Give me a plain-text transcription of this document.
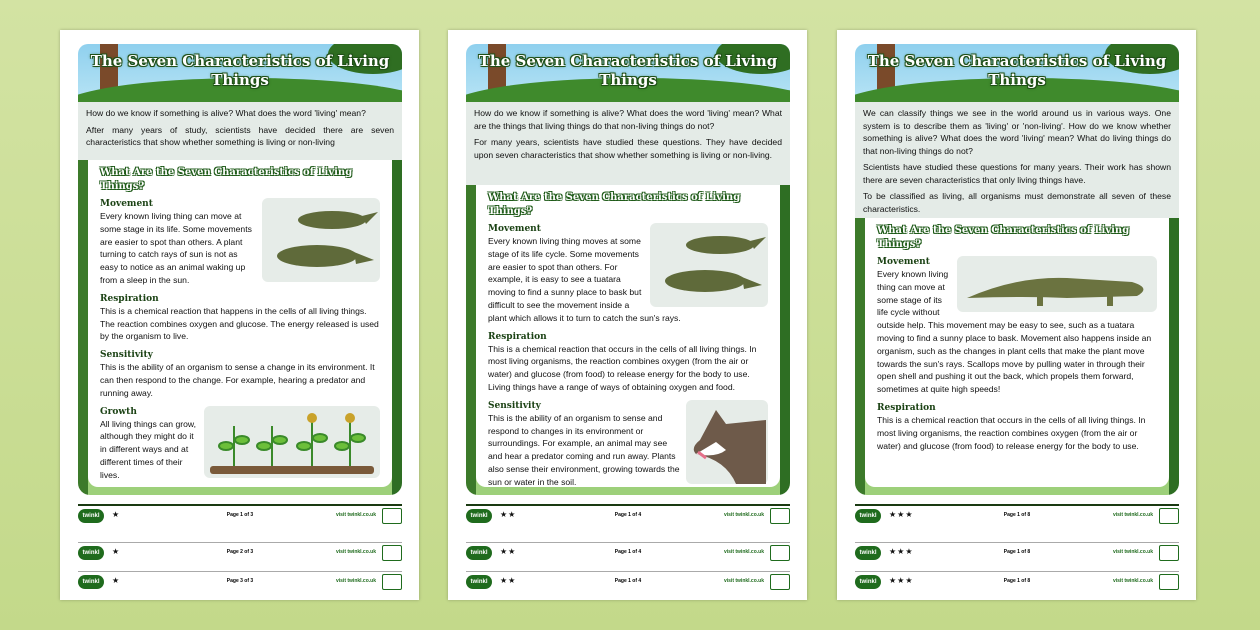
The Seven Characteristics of Living Things

How do we know if something is alive? What does the word 'living' mean?

After many years of study, scientists have decided there are seven characteristics that show whether something is living or non-living

What Are the Seven Characteristics of Living Things?
Movement

Every known living thing can move at some stage in its life. Some movements are easier to spot than others. A plant turning to catch rays of sun is not as easy to notice as an animal waking up from a sleep in the sun.

Respiration

This is a chemical reaction that happens in the cells of all living things. The reaction combines oxygen and glucose. The energy released is used by the organism to live.

Sensitivity

This is the ability of an organism to sense a change in its environment. It can then respond to the change. For example, hearing a predator and running away.

Growth

All living things can grow, although they might do it in different ways and at different times of their lives.

twinkl	★	Page 1 of 3	visit twinkl.co.uk
twinkl	★	Page 2 of 3	visit twinkl.co.uk
twinkl	★	Page 3 of 3	visit twinkl.co.uk
The Seven Characteristics of Living Things

How do we know if something is alive? What does the word 'living' mean? What are the things that living things do that non-living things do not?

For many years, scientists have studied these questions. They have decided upon seven characteristics that show whether something is living or non-living.

What Are the Seven Characteristics of Living Things?
Movement

Every known living thing moves at some stage of its life cycle. Some movements are easier to spot than others. For example, it is easy to see a tuatara moving to find a sunny place to bask but difficult to see the movement inside a plant which allows it to turn to catch the sun's rays.

Respiration

This is a chemical reaction that occurs in the cells of all living things. In most living organisms, the reaction combines oxygen (from the air or water) and glucose (from food) to release energy for the body to use. Living things have a range of ways of obtaining oxygen and food.

Sensitivity

This is the ability of an organism to sense and respond to changes in its environment or surroundings. For example, an animal may see and hear a predator coming and run away. Plants also sense their environment, growing towards the sun or water in the soil.

twinkl	★★	Page 1 of 4	visit twinkl.co.uk
twinkl	★★	Page 1 of 4	visit twinkl.co.uk
twinkl	★★	Page 1 of 4	visit twinkl.co.uk
The Seven Characteristics of Living Things

We can classify things we see in the world around us in various ways. One system is to describe them as 'living' or 'non-living'. How do we know whether something is alive? What does the word 'living' mean? What do living things do that non-living things do not?

Scientists have studied these questions for many years. Their work has shown there are seven characteristics that only living things have.

To be classified as living, all organisms must demonstrate all seven of these characteristics.

What Are the Seven Characteristics of Living Things?
Movement

Every known living thing can move at some stage of its life cycle without outside help. This movement may be easy to see, such as a tuatara moving to find a sunny place to bask. Movement also happens inside an organism, such as the changes in plant cells that make the plant move towards the sun's rays. Scallops move by pulling water in through their open shell and pushing it out the back, which propels them forward, sometimes at quite high speeds!

Respiration

This is a chemical reaction that occurs in the cells of all living things. In most living organisms, the reaction combines oxygen (from the air or water) and glucose (from food) to release energy for the body to use.

twinkl	★★★	Page 1 of 8	visit twinkl.co.uk
twinkl	★★★	Page 1 of 8	visit twinkl.co.uk
twinkl	★★★	Page 1 of 8	visit twinkl.co.uk
